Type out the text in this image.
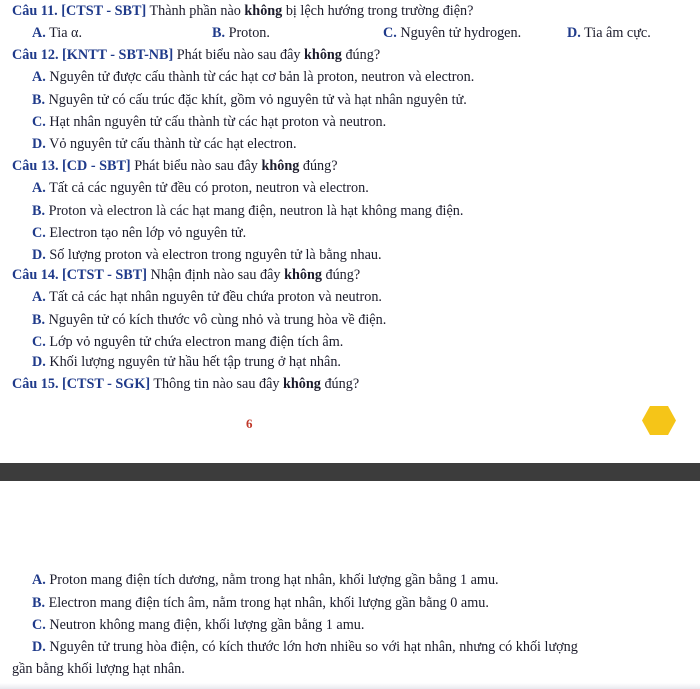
Câu 11. [CTST - SBT] Thành phần nào không bị lệch hướng trong trường điện?
A. Tia α.	B. Proton.	C. Nguyên tử hydrogen.	D. Tia âm cực.
Câu 12. [KNTT - SBT-NB] Phát biểu nào sau đây không đúng?
A. Nguyên tử được cấu thành từ các hạt cơ bản là proton, neutron và electron.
B. Nguyên tử có cấu trúc đặc khít, gồm vỏ nguyên tử và hạt nhân nguyên tử.
C. Hạt nhân nguyên tử cấu thành từ các hạt proton và neutron.
D. Vỏ nguyên tử cấu thành từ các hạt electron.
Câu 13. [CD - SBT] Phát biểu nào sau đây không đúng?
A. Tất cả các nguyên tử đều có proton, neutron và electron.
B. Proton và electron là các hạt mang điện, neutron là hạt không mang điện.
C. Electron tạo nên lớp vỏ nguyên tử.
D. Số lượng proton và electron trong nguyên tử là bằng nhau.
Câu 14. [CTST - SBT] Nhận định nào sau đây không đúng?
A. Tất cả các hạt nhân nguyên tử đều chứa proton và neutron.
B. Nguyên tử có kích thước vô cùng nhỏ và trung hòa về điện.
C. Lớp vỏ nguyên tử chứa electron mang điện tích âm.
D. Khối lượng nguyên tử hầu hết tập trung ở hạt nhân.
Câu 15. [CTST - SGK] Thông tin nào sau đây không đúng?
6
A. Proton mang điện tích dương, nằm trong hạt nhân, khối lượng gần bằng 1 amu.
B. Electron mang điện tích âm, nằm trong hạt nhân, khối lượng gần bằng 0 amu.
C. Neutron không mang điện, khối lượng gần bằng 1 amu.
D. Nguyên tử trung hòa điện, có kích thước lớn hơn nhiều so với hạt nhân, nhưng có khối lượng
gần bằng khối lượng hạt nhân.
